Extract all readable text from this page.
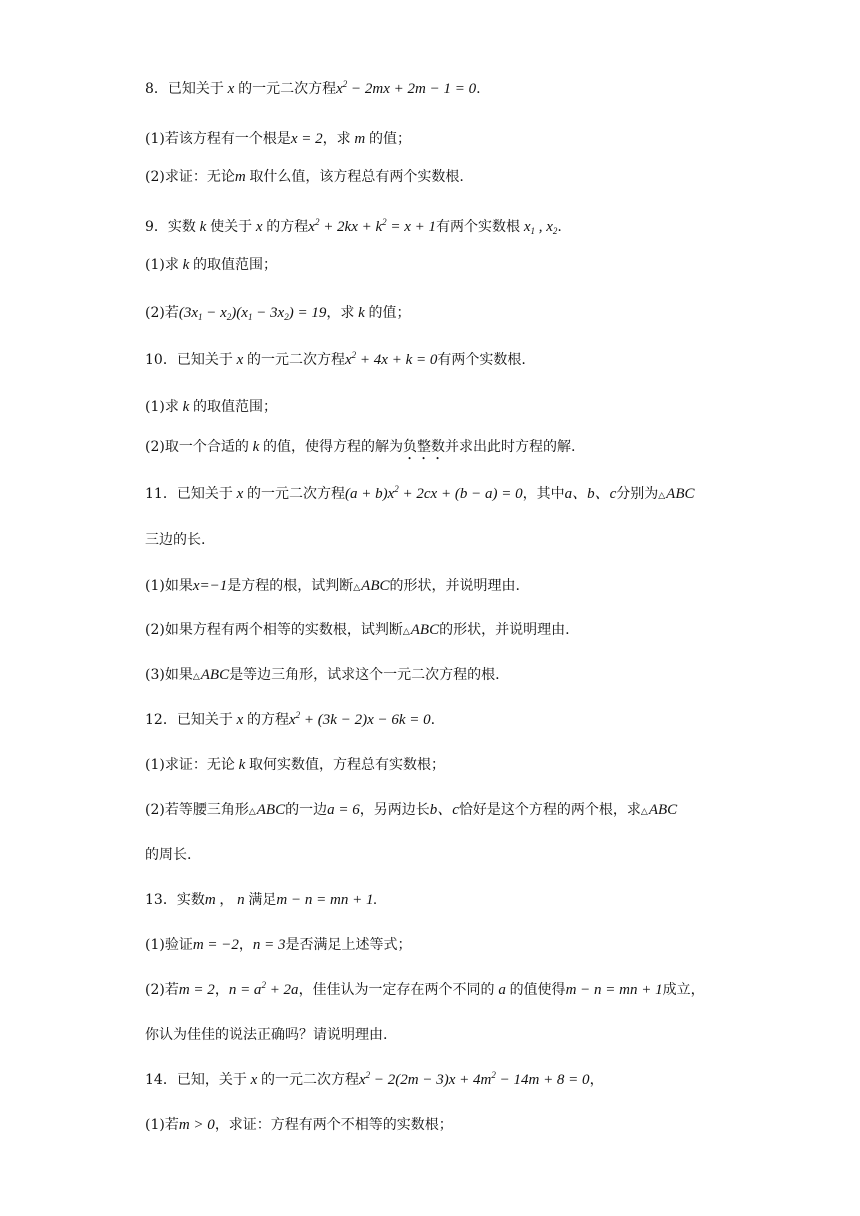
8．已知关于 x 的一元二次方程$x^2 - 2mx + 2m - 1 = 0$.
(1)若该方程有一个根是x = 2，求 m 的值；
(2)求证：无论m 取什么值，该方程总有两个实数根.
9．实数 k 使关于 x 的方程$x^2 + 2kx + k^2 = x + 1$有两个实数根 $x_1$ , $x_2$.
(1)求 k 的取值范围；
(2)若$(3x_1 - x_2)(x_1 - 3x_2) = 19$，求 k 的值；
10．已知关于 x 的一元二次方程$x^2 + 4x + k = 0$有两个实数根.
(1)求 k 的取值范围；
(2)取一个合适的 k 的值，使得方程的解为负整数并求出此时方程的解.
11．已知关于 x 的一元二次方程$(a + b)x^2 + 2cx + (b - a) = 0$，其中a、b、c分别为△ABC
三边的长.
(1)如果x=−1是方程的根，试判断△ABC的形状，并说明理由.
(2)如果方程有两个相等的实数根，试判断△ABC的形状，并说明理由.
(3)如果△ABC是等边三角形，试求这个一元二次方程的根.
12．已知关于 x 的方程$x^2 + (3k - 2)x - 6k = 0$.
(1)求证：无论 k 取何实数值，方程总有实数根；
(2)若等腰三角形△ABC的一边a = 6，另两边长b、c恰好是这个方程的两个根，求△ABC
的周长.
13．实数m ， n 满足m − n = mn + 1.
(1)验证m = −2，n = 3是否满足上述等式；
(2)若m = 2，$n = a^2 + 2a$，佳佳认为一定存在两个不同的 a 的值使得m − n = mn + 1成立，
你认为佳佳的说法正确吗？请说明理由.
14．已知，关于 x 的一元二次方程$x^2 - 2(2m - 3)x + 4m^2 - 14m + 8 = 0$，
(1)若m > 0，求证：方程有两个不相等的实数根；
